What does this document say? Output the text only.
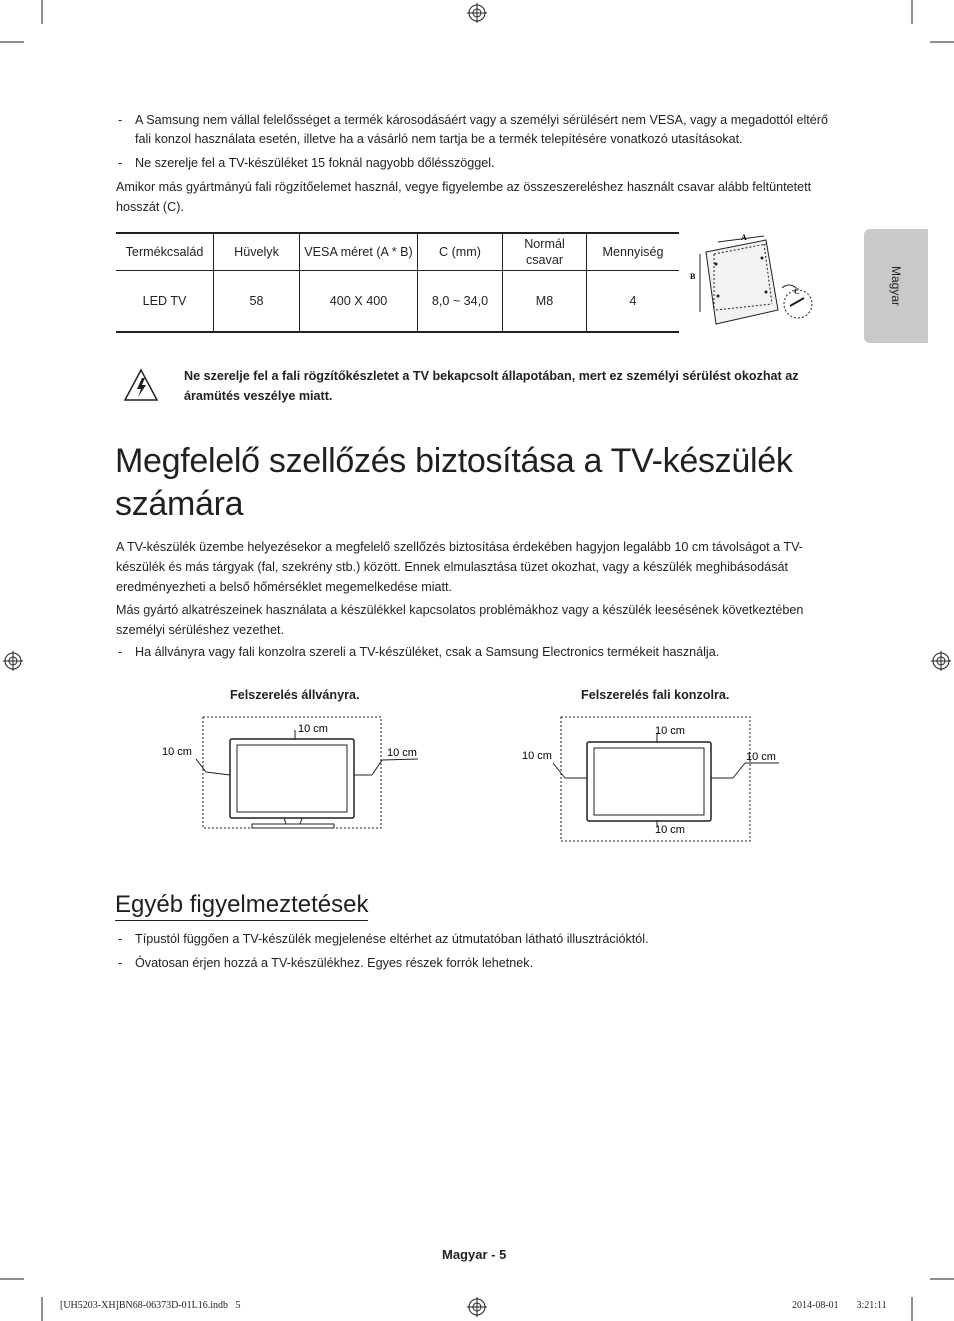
Magyar
- A Samsung nem vállal felelősséget a termék károsodásáért vagy a személyi sérülésért nem VESA, vagy a megadottól eltérő fali konzol használata esetén, illetve ha a vásárló nem tartja be a termék telepítésére vonatkozó utasításokat.
- Ne szerelje fel a TV-készüléket 15 foknál nagyobb dőlésszöggel.
Amikor más gyártmányú fali rögzítőelemet használ, vegye figyelembe az összeszereléshez használt csavar alább feltüntetett hosszát (C).
Termékcsalád	Hüvelyk	VESA méret (A * B)	C (mm)	Normál csavar	Mennyiség
LED TV	58	400 X 400	8,0 ~ 34,0	M8	4
A
B
C
Ne szerelje fel a fali rögzítőkészletet a TV bekapcsolt állapotában, mert ez személyi sérülést okozhat az áramütés veszélye miatt.
Megfelelő szellőzés biztosítása a TV-készülék számára
A TV-készülék üzembe helyezésekor a megfelelő szellőzés biztosítása érdekében hagyjon legalább 10 cm távolságot a TV-készülék és más tárgyak (fal, szekrény stb.) között. Ennek elmulasztása tüzet okozhat, vagy a készülék meghibásodását eredményezheti a belső hőmérséklet megemelkedése miatt.
Más gyártó alkatrészeinek használata a készülékkel kapcsolatos problémákhoz vagy a készülék leesésének következtében személyi sérüléshez vezethet.
- Ha állványra vagy fali konzolra szereli a TV-készüléket, csak a Samsung Electronics termékeit használja.
Felszerelés állványra.
10 cm
10 cm	10 cm
Felszerelés fali konzolra.
10 cm
10 cm	10 cm
10 cm
Egyéb figyelmeztetések
- Típustól függően a TV-készülék megjelenése eltérhet az útmutatóban látható illusztrációktól.
- Óvatosan érjen hozzá a TV-készülékhez. Egyes részek forrók lehetnek.
Magyar - 5
[UH5203-XH]BN68-06373D-01L16.indb   5	2014-08-01   ⃞ 3:21:11
